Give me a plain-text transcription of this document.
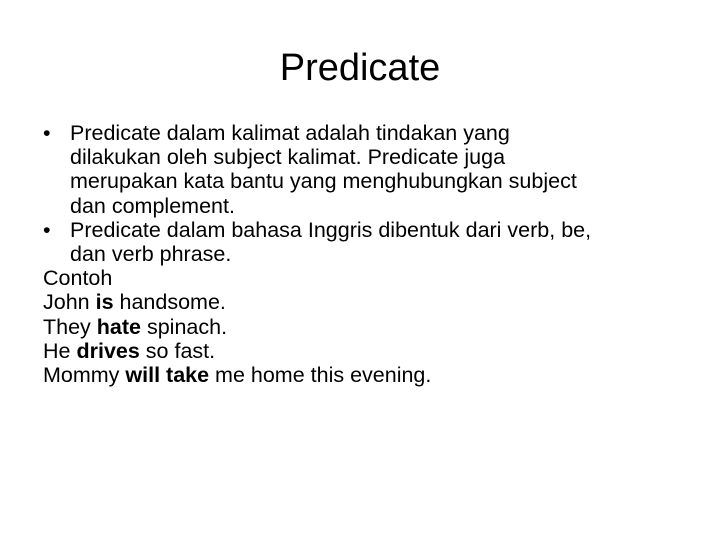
Predicate
• Predicate dalam kalimat adalah tindakan yang
dilakukan oleh subject kalimat. Predicate juga
merupakan kata bantu yang menghubungkan subject
dan complement.
• Predicate dalam bahasa Inggris dibentuk dari verb, be,
dan verb phrase.
Contoh
John is handsome.
They hate spinach.
He drives so fast.
Mommy will take me home this evening.
